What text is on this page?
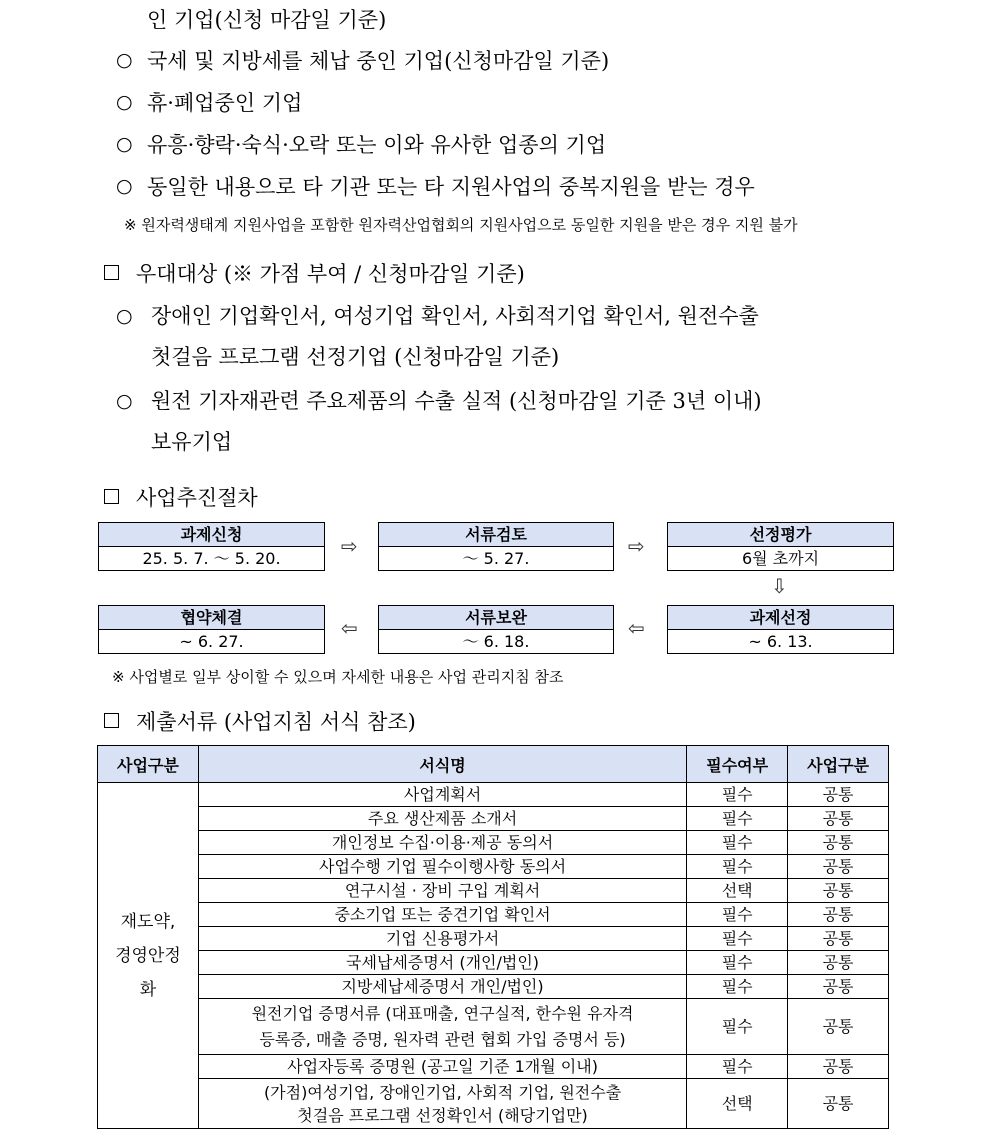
인 기업(신청 마감일 기준)
○ 국세 및 지방세를 체납 중인 기업(신청마감일 기준)
○ 휴·폐업중인 기업
○ 유흥·향락·숙식·오락 또는 이와 유사한 업종의 기업
○ 동일한 내용으로 타 기관 또는 타 지원사업의 중복지원을 받는 경우
※ 원자력생태계 지원사업을 포함한 원자력산업협회의 지원사업으로 동일한 지원을 받은 경우 지원 불가
우대대상 (※ 가점 부여 / 신청마감일 기준)
○ 장애인 기업확인서, 여성기업 확인서, 사회적기업 확인서, 원전수출
첫걸음 프로그램 선정기업 (신청마감일 기준)
○ 원전 기자재관련 주요제품의 수출 실적 (신청마감일 기준 3년 이내)
보유기업
사업추진절차
과제신청
25. 5. 7. ～ 5. 20.
⇨	서류검토
～ 5. 27.
⇨	선정평가
6월 초까지
⇩
협약체결
~ 6. 27.
⇦	서류보완
～ 6. 18.
⇦	과제선정
~ 6. 13.
※ 사업별로 일부 상이할 수 있으며 자세한 내용은 사업 관리지침 참조
제출서류 (사업지침 서식 참조)
사업구분	서식명	필수여부	사업구분

재도약,
경영안정
화	사업계획서	필수	공통
	주요 생산제품 소개서	필수	공통
	개인정보 수집·이용·제공 동의서	필수	공통
	사업수행 기업 필수이행사항 동의서	필수	공통
	연구시설 · 장비 구입 계획서	선택	공통
	중소기업 또는 중견기업 확인서	필수	공통
	기업 신용평가서	필수	공통
	국세납세증명서 (개인/법인)	필수	공통
	지방세납세증명서 개인/법인)	필수	공통

	원전기업 증명서류 (대표매출, 연구실적, 한수원 유자격
등록증, 매출 증명, 원자력 관련 협회 가입 증명서 등)	필수	공통
	사업자등록 증명원 (공고일 기준 1개월 이내)	필수	공통

	(가점)여성기업, 장애인기업, 사회적 기업, 원전수출
첫걸음 프로그램 선정확인서 (해당기업만)	선택	공통
